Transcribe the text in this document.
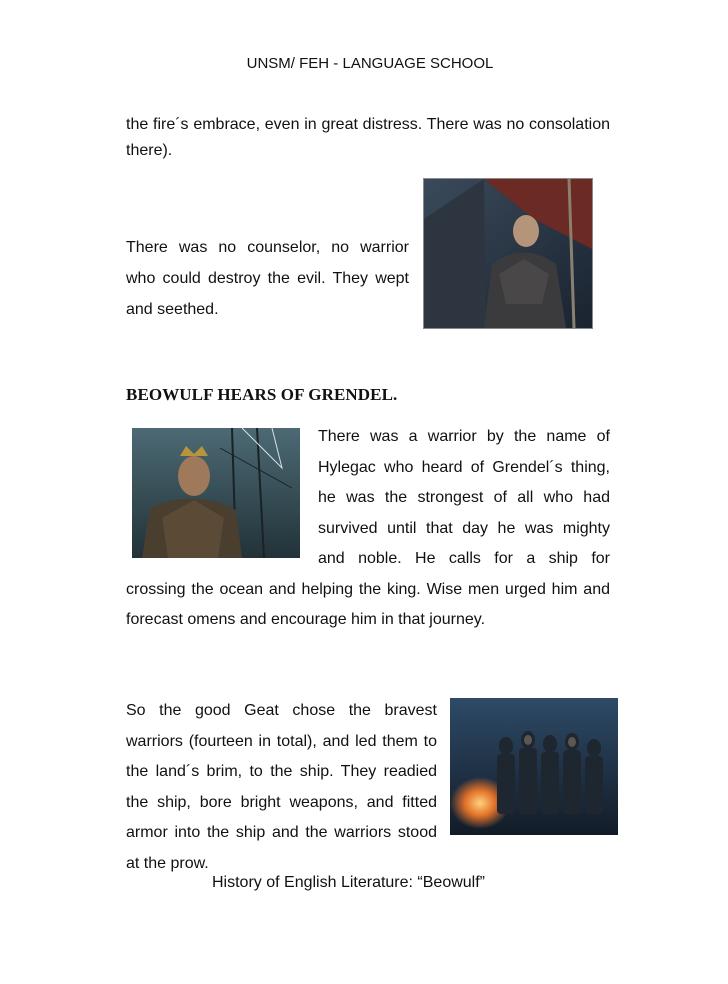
UNSM/ FEH - LANGUAGE SCHOOL
the fire´s embrace, even in great distress. There was no consolation there).
There was no counselor, no warrior who could destroy the evil. They wept and seethed.
BEOWULF HEARS OF GRENDEL.
There was a warrior by the name of Hylegac who heard of Grendel´s thing, he was the strongest of all who had survived until that day he was mighty and noble. He calls for a ship for crossing the ocean and helping the king. Wise men urged him and forecast omens and encourage him in that journey.
So the good Geat chose the bravest warriors (fourteen in total), and led them to the land´s brim, to the ship. They readied the ship, bore bright weapons, and fitted armor into the ship and the warriors stood at the prow.
History of English Literature: “Beowulf”
